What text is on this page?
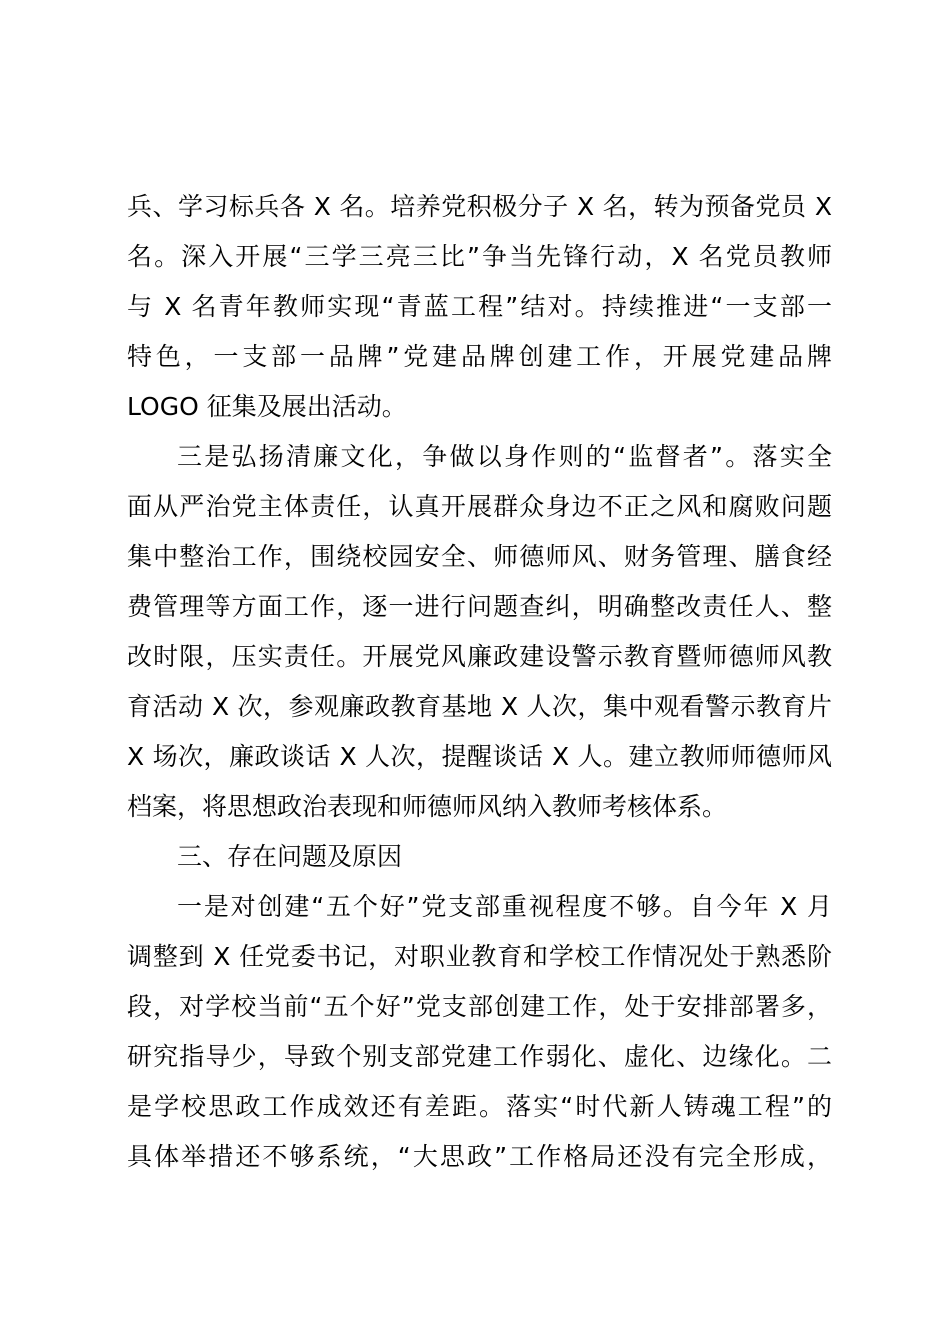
兵、学习标兵各 X 名。培养党积极分子 X 名，转为预备党员 X
名。深入开展“三学三亮三比”争当先锋行动，X 名党员教师
与 X 名青年教师实现“青蓝工程”结对。持续推进“一支部一
特色，一支部一品牌”党建品牌创建工作，开展党建品牌
LOGO 征集及展出活动。
三是弘扬清廉文化，争做以身作则的“监督者”。落实全
面从严治党主体责任，认真开展群众身边不正之风和腐败问题
集中整治工作，围绕校园安全、师德师风、财务管理、膳食经
费管理等方面工作，逐一进行问题查纠，明确整改责任人、整
改时限，压实责任。开展党风廉政建设警示教育暨师德师风教
育活动 X 次，参观廉政教育基地 X 人次，集中观看警示教育片
X 场次，廉政谈话 X 人次，提醒谈话 X 人。建立教师师德师风
档案，将思想政治表现和师德师风纳入教师考核体系。
三、存在问题及原因
一是对创建“五个好”党支部重视程度不够。自今年 X 月
调整到 X 任党委书记，对职业教育和学校工作情况处于熟悉阶
段，对学校当前“五个好”党支部创建工作，处于安排部署多，
研究指导少，导致个别支部党建工作弱化、虚化、边缘化。二
是学校思政工作成效还有差距。落实“时代新人铸魂工程”的
具体举措还不够系统，“大思政”工作格局还没有完全形成，
